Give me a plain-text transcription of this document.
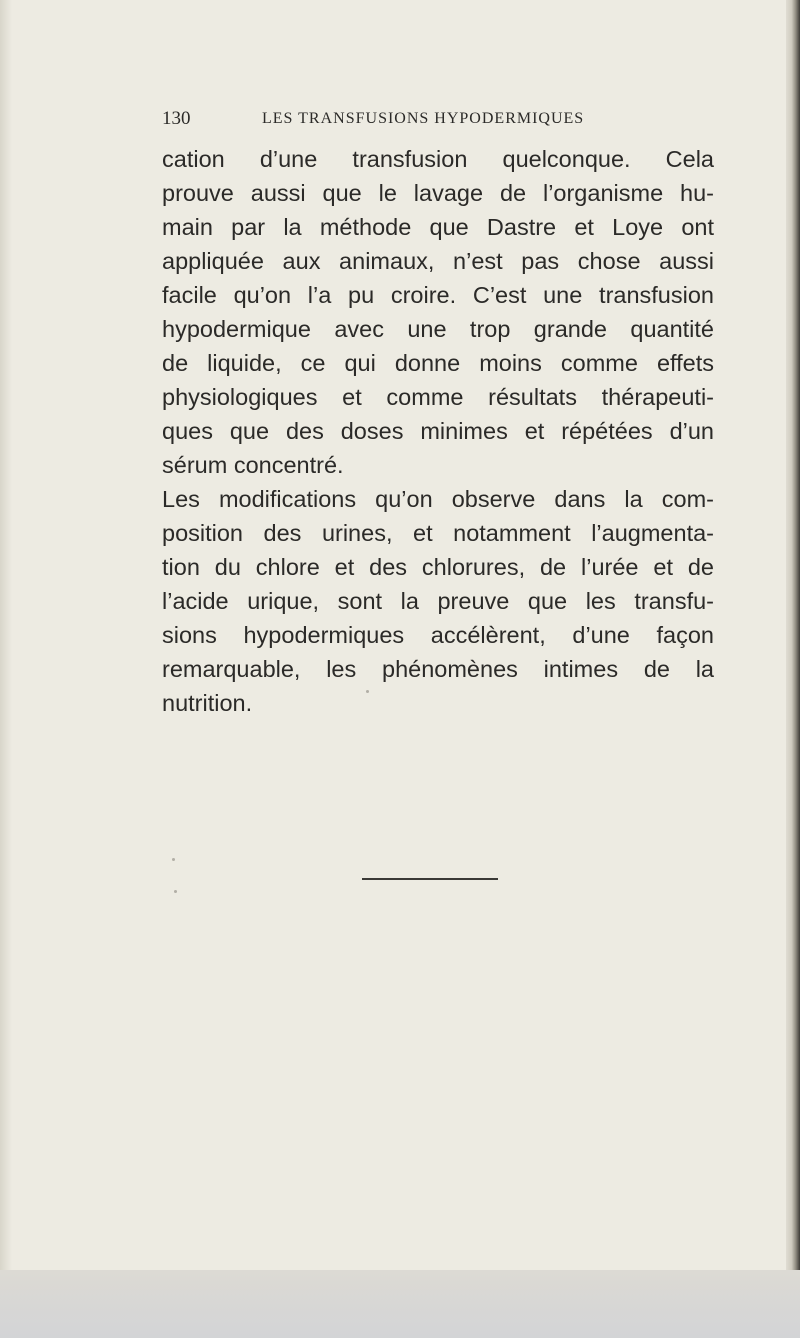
130	LES TRANSFUSIONS HYPODERMIQUES
cation d’une transfusion quelconque. Cela
prouve aussi que le lavage de l’organisme hu-
main par la méthode que Dastre et Loye ont
appliquée aux animaux, n’est pas chose aussi
facile qu’on l’a pu croire. C’est une transfusion
hypodermique avec une trop grande quantité
de liquide, ce qui donne moins comme effets
physiologiques et comme résultats thérapeuti-
ques que des doses minimes et répétées d’un
sérum concentré.
Les modifications qu’on observe dans la com-
position des urines, et notamment l’augmenta-
tion du chlore et des chlorures, de l’urée et de
l’acide urique, sont la preuve que les transfu-
sions hypodermiques accélèrent, d’une façon
remarquable, les phénomènes intimes de la
nutrition.
